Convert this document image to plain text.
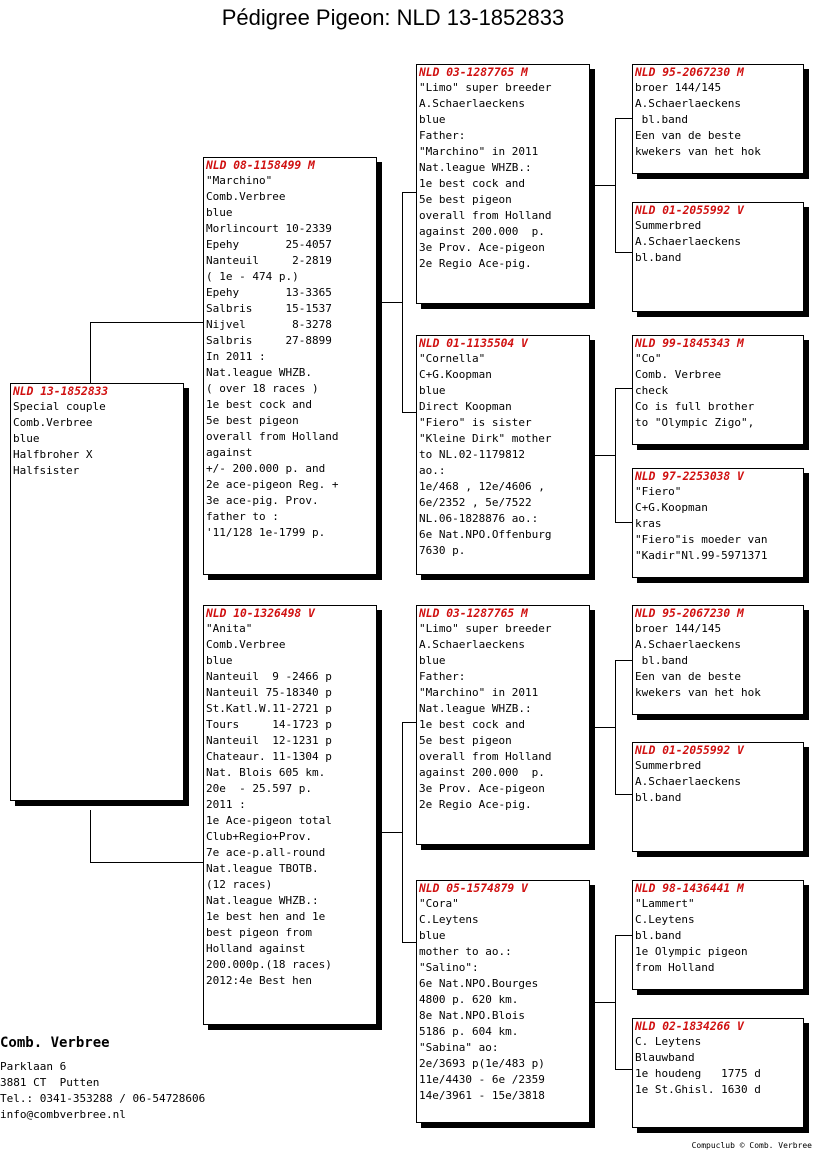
Pédigree Pigeon: NLD 13-1852833
NLD 13-1852833
Special couple
Comb.Verbree
blue
Halfbroher X
Halfsister
NLD 08-1158499 M
"Marchino"
Comb.Verbree
blue
Morlincourt 10-2339
Epehy       25-4057
Nanteuil     2-2819
( 1e - 474 p.)
Epehy       13-3365
Salbris     15-1537
Nijvel       8-3278
Salbris     27-8899
In 2011 :
Nat.league WHZB.
( over 18 races )
1e best cock and
5e best pigeon
overall from Holland
against
+/- 200.000 p. and
2e ace-pigeon Reg. +
3e ace-pig. Prov.
father to :
'11/128 1e-1799 p.
NLD 10-1326498 V
"Anita"
Comb.Verbree
blue
Nanteuil  9 -2466 p
Nanteuil 75-18340 p
St.Katl.W.11-2721 p
Tours     14-1723 p
Nanteuil  12-1231 p
Chateaur. 11-1304 p
Nat. Blois 605 km.
20e  - 25.597 p.
2011 :
1e Ace-pigeon total
Club+Regio+Prov.
7e ace-p.all-round
Nat.league TBOTB.
(12 races)
Nat.league WHZB.:
1e best hen and 1e
best pigeon from
Holland against
200.000p.(18 races)
2012:4e Best hen
NLD 03-1287765 M
"Limo" super breeder
A.Schaerlaeckens
blue
Father:
"Marchino" in 2011
Nat.league WHZB.:
1e best cock and
5e best pigeon
overall from Holland
against 200.000  p.
3e Prov. Ace-pigeon
2e Regio Ace-pig.
NLD 01-1135504 V
"Cornella"
C+G.Koopman
blue
Direct Koopman
"Fiero" is sister
"Kleine Dirk" mother
to NL.02-1179812
ao.:
1e/468 , 12e/4606 ,
6e/2352 , 5e/7522
NL.06-1828876 ao.:
6e Nat.NPO.Offenburg
7630 p.
NLD 03-1287765 M
"Limo" super breeder
A.Schaerlaeckens
blue
Father:
"Marchino" in 2011
Nat.league WHZB.:
1e best cock and
5e best pigeon
overall from Holland
against 200.000  p.
3e Prov. Ace-pigeon
2e Regio Ace-pig.
NLD 05-1574879 V
"Cora"
C.Leytens
blue
mother to ao.:
"Salino":
6e Nat.NPO.Bourges
4800 p. 620 km.
8e Nat.NPO.Blois
5186 p. 604 km.
"Sabina" ao:
2e/3693 p(1e/483 p)
11e/4430 - 6e /2359
14e/3961 - 15e/3818
NLD 95-2067230 M
broer 144/145
A.Schaerlaeckens
bl.band
Een van de beste
kwekers van het hok
NLD 01-2055992 V
Summerbred
A.Schaerlaeckens
bl.band
NLD 99-1845343 M
"Co"
Comb. Verbree
check
Co is full brother
to "Olympic Zigo",
NLD 97-2253038 V
"Fiero"
C+G.Koopman
kras
"Fiero"is moeder van
"Kadir"Nl.99-5971371
NLD 95-2067230 M
broer 144/145
A.Schaerlaeckens
bl.band
Een van de beste
kwekers van het hok
NLD 01-2055992 V
Summerbred
A.Schaerlaeckens
bl.band
NLD 98-1436441 M
"Lammert"
C.Leytens
bl.band
1e Olympic pigeon
from Holland
NLD 02-1834266 V
C. Leytens
Blauwband
1e houdeng   1775 d
1e St.Ghisl. 1630 d
Comb. Verbree
Parklaan 6
3881 CT  Putten
Tel.: 0341-353288 / 06-54728606
info@combverbree.nl
Compuclub © Comb. Verbree
